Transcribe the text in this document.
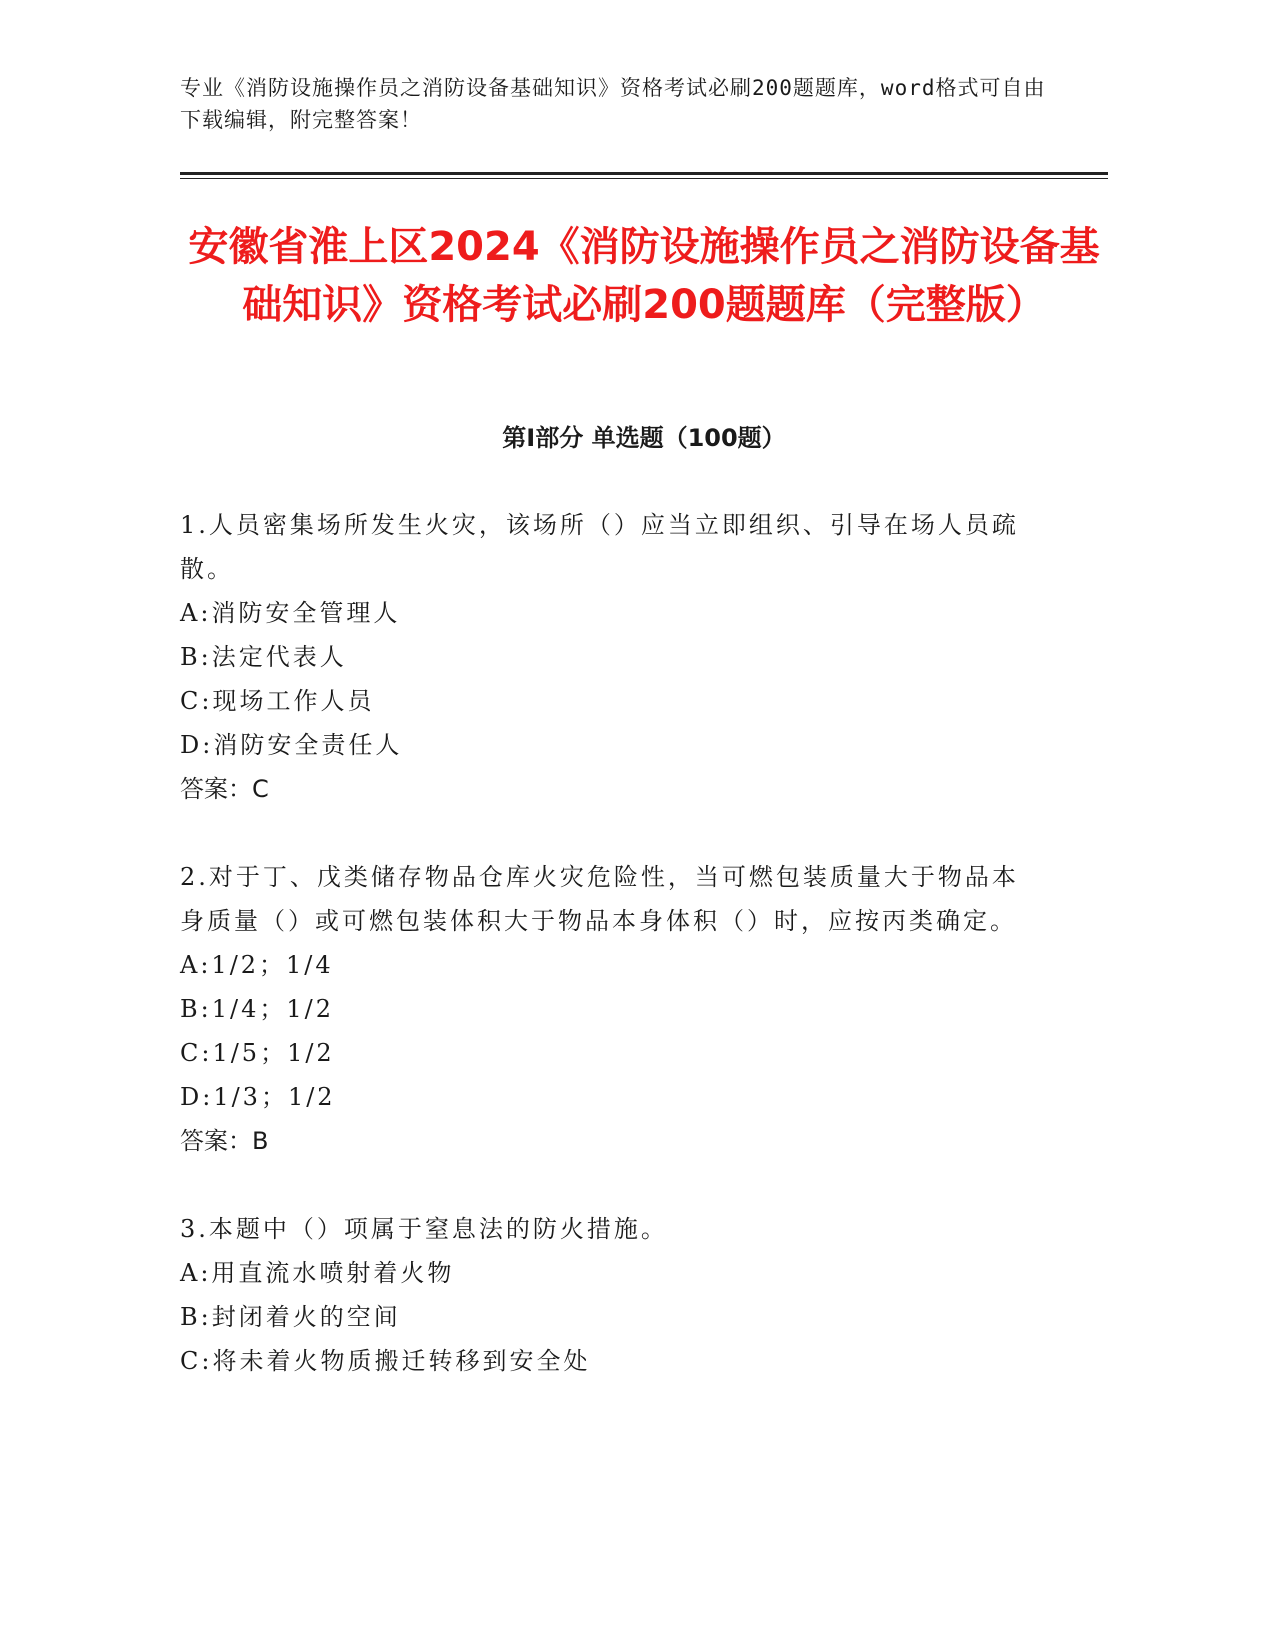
专业《消防设施操作员之消防设备基础知识》资格考试必刷200题题库，word格式可自由下载编辑，附完整答案！
安徽省淮上区2024《消防设施操作员之消防设备基础知识》资格考试必刷200题题库（完整版）
第Ⅰ部分 单选题（100题）

1.人员密集场所发生火灾，该场所（）应当立即组织、引导在场人员疏散。

A:消防安全管理人

B:法定代表人

C:现场工作人员

D:消防安全责任人

答案：C

2.对于丁、戊类储存物品仓库火灾危险性，当可燃包装质量大于物品本身质量（）或可燃包装体积大于物品本身体积（）时，应按丙类确定。

A:1/2；1/4

B:1/4；1/2

C:1/5；1/2

D:1/3；1/2

答案：B

3.本题中（）项属于窒息法的防火措施。

A:用直流水喷射着火物

B:封闭着火的空间

C:将未着火物质搬迁转移到安全处
